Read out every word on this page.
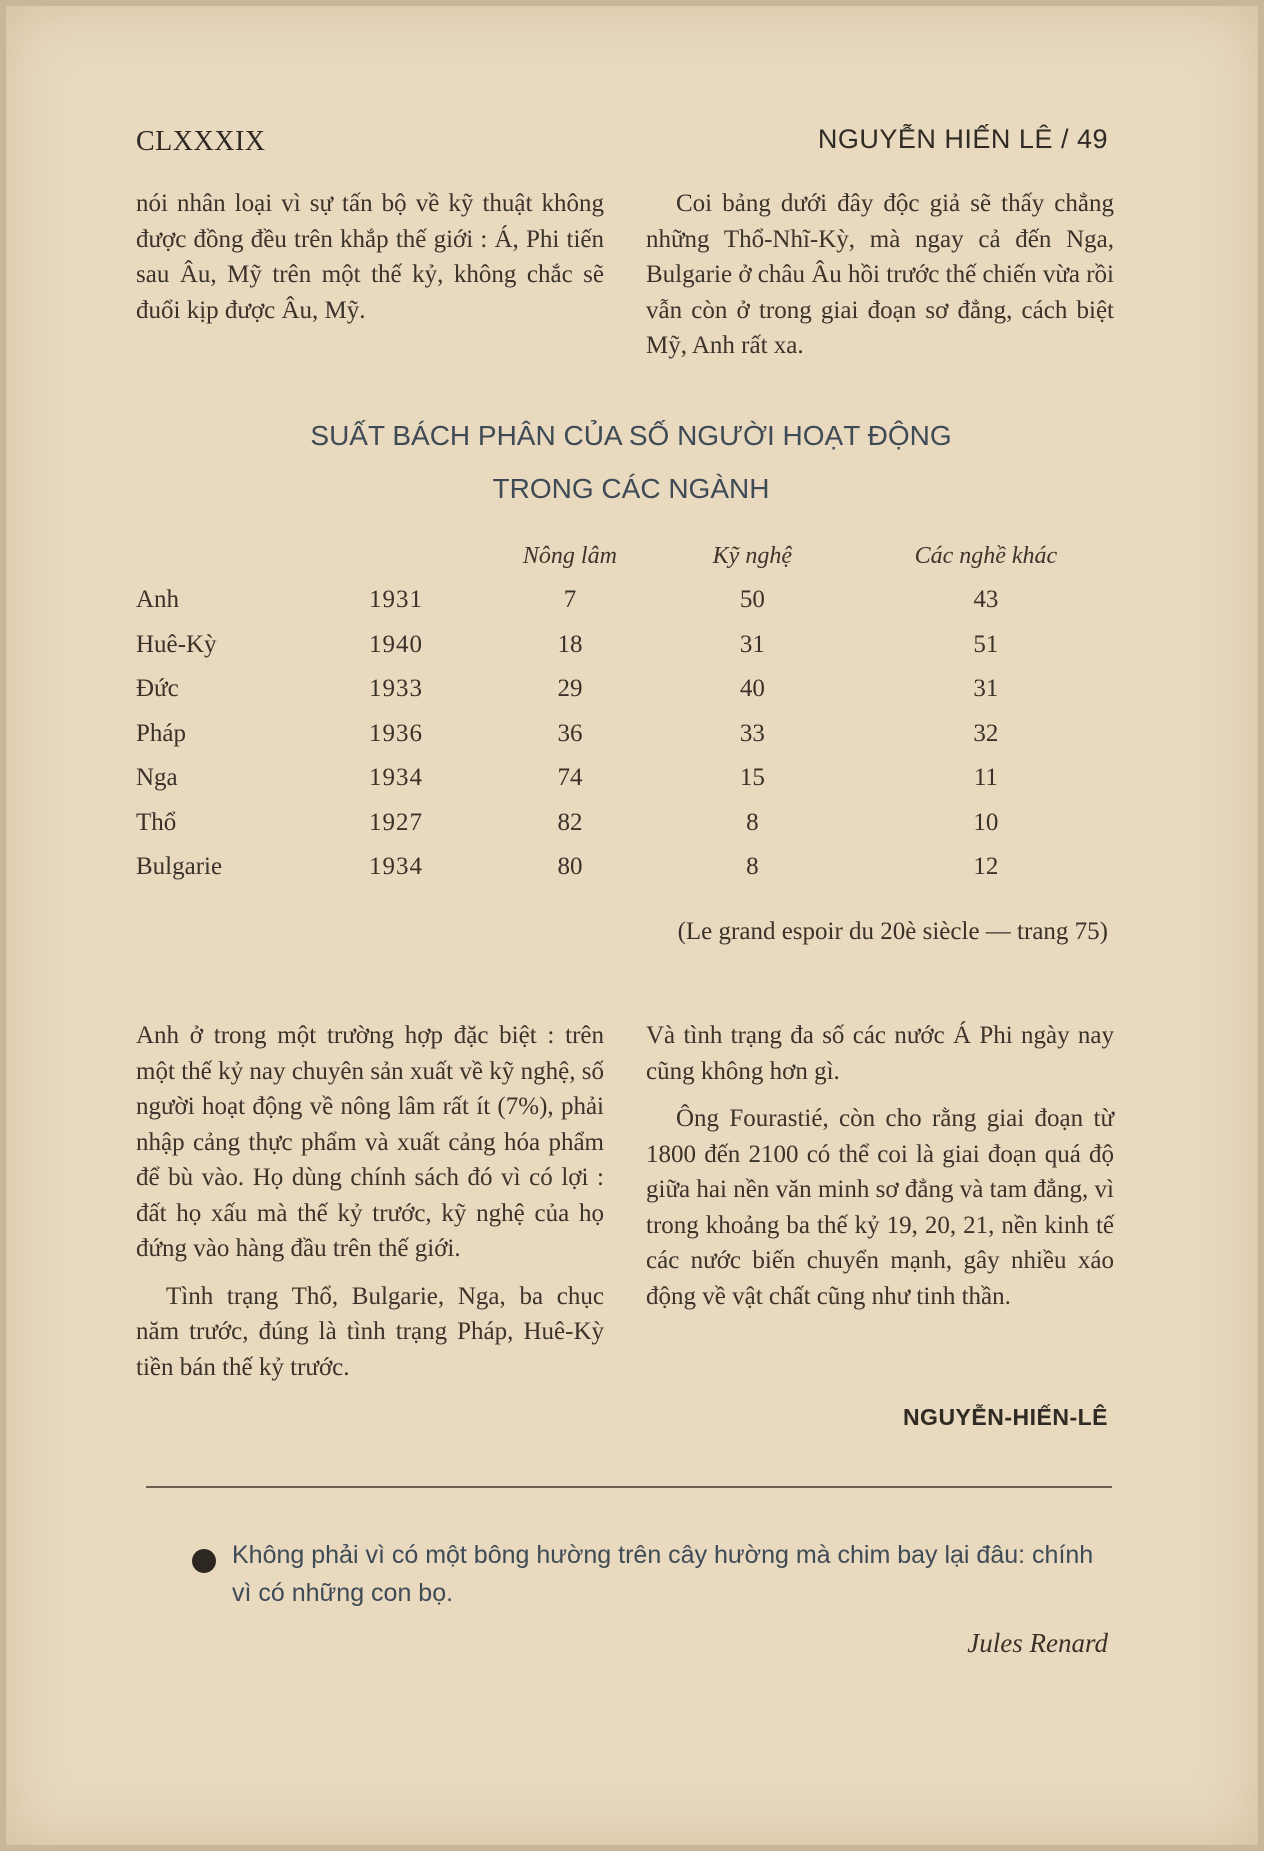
CLXXXIX	NGUYỄN HIẾN LÊ / 49

nói nhân loại vì sự tấn bộ về kỹ thuật không được đồng đều trên khắp thế giới : Á, Phi tiến sau Âu, Mỹ trên một thế kỷ, không chắc sẽ đuổi kịp được Âu, Mỹ.

Coi bảng dưới đây độc giả sẽ thấy chẳng những Thổ-Nhĩ-Kỳ, mà ngay cả đến Nga, Bulgarie ở châu Âu hồi trước thế chiến vừa rồi vẫn còn ở trong giai đoạn sơ đẳng, cách biệt Mỹ, Anh rất xa.

SUẤT BÁCH PHÂN CỦA SỐ NGƯỜI HOẠT ĐỘNG
TRONG CÁC NGÀNH
		Nông lâm	Kỹ nghệ	Các nghề khác
Anh	1931	7	50	43
Huê-Kỳ	1940	18	31	51
Đức	1933	29	40	31
Pháp	1936	36	33	32
Nga	1934	74	15	11
Thổ	1927	82	8	10
Bulgarie	1934	80	8	12
(Le grand espoir du 20è siècle — trang 75)

Anh ở trong một trường hợp đặc biệt : trên một thế kỷ nay chuyên sản xuất về kỹ nghệ, số người hoạt động về nông lâm rất ít (7%), phải nhập cảng thực phẩm và xuất cảng hóa phẩm để bù vào. Họ dùng chính sách đó vì có lợi : đất họ xấu mà thế kỷ trước, kỹ nghệ của họ đứng vào hàng đầu trên thế giới.

Tình trạng Thổ, Bulgarie, Nga, ba chục năm trước, đúng là tình trạng Pháp, Huê-Kỳ tiền bán thế kỷ trước.

Và tình trạng đa số các nước Á Phi ngày nay cũng không hơn gì.

Ông Fourastié, còn cho rằng giai đoạn từ 1800 đến 2100 có thể coi là giai đoạn quá độ giữa hai nền văn minh sơ đẳng và tam đẳng, vì trong khoảng ba thế kỷ 19, 20, 21, nền kinh tế các nước biến chuyển mạnh, gây nhiều xáo động về vật chất cũng như tinh thần.

NGUYỄN-HIẾN-LÊ
Không phải vì có một bông hường trên cây hường mà chim bay lại đâu: chính vì có những con bọ.
Jules Renard
